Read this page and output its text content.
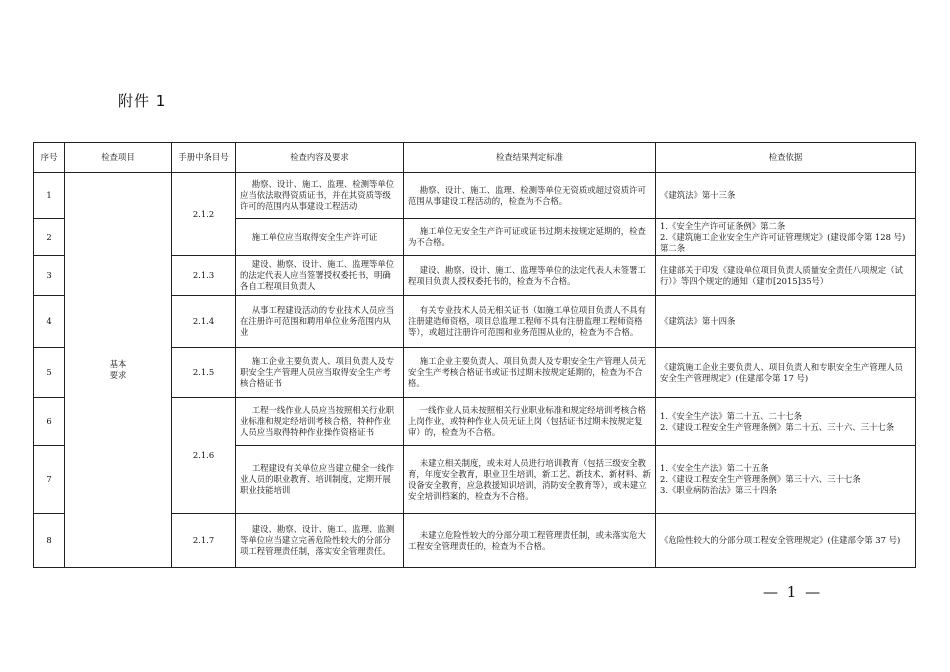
附件 1
序号	检查项目	手册中条目号	检查内容及要求	检查结果判定标准	检查依据
1	基本要求	2.1.2	勘察、设计、施工、监理、检测等单位应当依法取得资质证书，并在其资质等级许可的范围内从事建设工程活动	勘察、设计、施工、监理、检测等单位无资质或超过资质许可范围从事建设工程活动的，检查为不合格。	《建筑法》第十三条

2			施工单位应当取得安全生产许可证	施工单位无安全生产许可证或证书过期未按规定延期的，检查为不合格。	1.《安全生产许可证条例》第二条
2.《建筑施工企业安全生产许可证管理规定》(建设部令第 128 号) 第二条

3		2.1.3	建设、勘察、设计、施工、监理等单位的法定代表人应当签署授权委托书，明确各自工程项目负责人	建设、勘察、设计、施工、监理等单位的法定代表人未签署工程项目负责人授权委托书的，检查为不合格。	住建部关于印发《建设单位项目负责人质量安全责任八项规定（试行）》等四个规定的通知（建市[2015]35号）

4		2.1.4	从事工程建设活动的专业技术人员应当在注册许可范围和聘用单位业务范围内从业	有关专业技术人员无相关证书（如施工单位项目负责人不具有注册建造师资格，项目总监理工程师不具有注册监理工程师资格等），或超过注册许可范围和业务范围从业的，检查为不合格。	《建筑法》第十四条

5		2.1.5	施工企业主要负责人、项目负责人及专职安全生产管理人员应当取得安全生产考核合格证书	施工企业主要负责人、项目负责人及专职安全生产管理人员无安全生产考核合格证书或证书过期未按规定延期的，检查为不合格。	《建筑施工企业主要负责人、项目负责人和专职安全生产管理人员安全生产管理规定》(住建部令第 17 号)

6		2.1.6	工程一线作业人员应当按照相关行业职业标准和规定经培训考核合格，特种作业人员应当取得特种作业操作资格证书	一线作业人员未按照相关行业职业标准和规定经培训考核合格上岗作业，或特种作业人员无证上岗（包括证书过期未按规定复审）的，检查为不合格。	1.《安全生产法》第二十五、二十七条
2.《建设工程安全生产管理条例》第二十五、三十六、三十七条

7			工程建设有关单位应当建立健全一线作业人员的职业教育、培训制度，定期开展职业技能培训	未建立相关制度，或未对人员进行培训教育（包括三级安全教育，年度安全教育，职业卫生培训，新工艺、新技术、新材料、新设备安全教育，应急救援知识培训，消防安全教育等），或未建立安全培训档案的，检查为不合格。	1.《安全生产法》第二十五条
2.《建设工程安全生产管理条例》第三十六、三十七条
3.《职业病防治法》第三十四条

8		2.1.7	建设、勘察、设计、施工、监理、监测等单位应当建立完善危险性较大的分部分项工程管理责任制，落实安全管理责任。	未建立危险性较大的分部分项工程管理责任制，或未落实危大工程安全管理责任的，检查为不合格。	《危险性较大的分部分项工程安全管理规定》(住建部令第 37 号)
— 1 —
